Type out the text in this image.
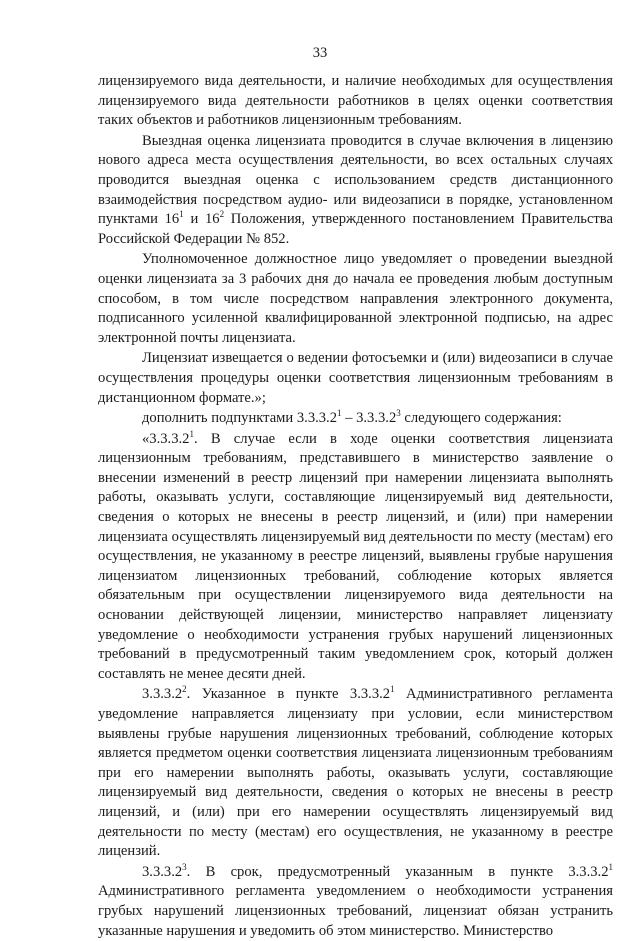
33

лицензируемого вида деятельности, и наличие необходимых для осуществления лицензируемого вида деятельности работников в целях оценки соответствия таких объектов и работников лицензионным требованиям.

Выездная оценка лицензиата проводится в случае включения в лицензию нового адреса места осуществления деятельности, во всех остальных случаях проводится выездная оценка с использованием средств дистанционного взаимодействия посредством аудио- или видеозаписи в порядке, установленном пунктами $16^1$ и $16^2$ Положения, утвержденного постановлением Правительства Российской Федерации № 852.

Уполномоченное должностное лицо уведомляет о проведении выездной оценки лицензиата за 3 рабочих дня до начала ее проведения любым доступным способом, в том числе посредством направления электронного документа, подписанного усиленной квалифицированной электронной подписью, на адрес электронной почты лицензиата.

Лицензиат извещается о ведении фотосъемки и (или) видеозаписи в случае осуществления процедуры оценки соответствия лицензионным требованиям в дистанционном формате.»;

дополнить подпунктами 3.3.3.2$^1$ – 3.3.3.2$^3$ следующего содержания:

«3.3.3.2$^1$. В случае если в ходе оценки соответствия лицензиата лицензионным требованиям, представившего в министерство заявление о внесении изменений в реестр лицензий при намерении лицензиата выполнять работы, оказывать услуги, составляющие лицензируемый вид деятельности, сведения о которых не внесены в реестр лицензий, и (или) при намерении лицензиата осуществлять лицензируемый вид деятельности по месту (местам) его осуществления, не указанному в реестре лицензий, выявлены грубые нарушения лицензиатом лицензионных требований, соблюдение которых является обязательным при осуществлении лицензируемого вида деятельности на основании действующей лицензии, министерство направляет лицензиату уведомление о необходимости устранения грубых нарушений лицензионных требований в предусмотренный таким уведомлением срок, который должен составлять не менее десяти дней.

3.3.3.2$^2$. Указанное в пункте 3.3.3.2$^1$ Административного регламента уведомление направляется лицензиату при условии, если министерством выявлены грубые нарушения лицензионных требований, соблюдение которых является предметом оценки соответствия лицензиата лицензионным требованиям при его намерении выполнять работы, оказывать услуги, составляющие лицензируемый вид деятельности, сведения о которых не внесены в реестр лицензий, и (или) при его намерении осуществлять лицензируемый вид деятельности по месту (местам) его осуществления, не указанному в реестре лицензий.

3.3.3.2$^3$. В срок, предусмотренный указанным в пункте 3.3.3.2$^1$ Административного регламента уведомлением о необходимости устранения грубых нарушений лицензионных требований, лицензиат обязан устранить указанные нарушения и уведомить об этом министерство. Министерство
